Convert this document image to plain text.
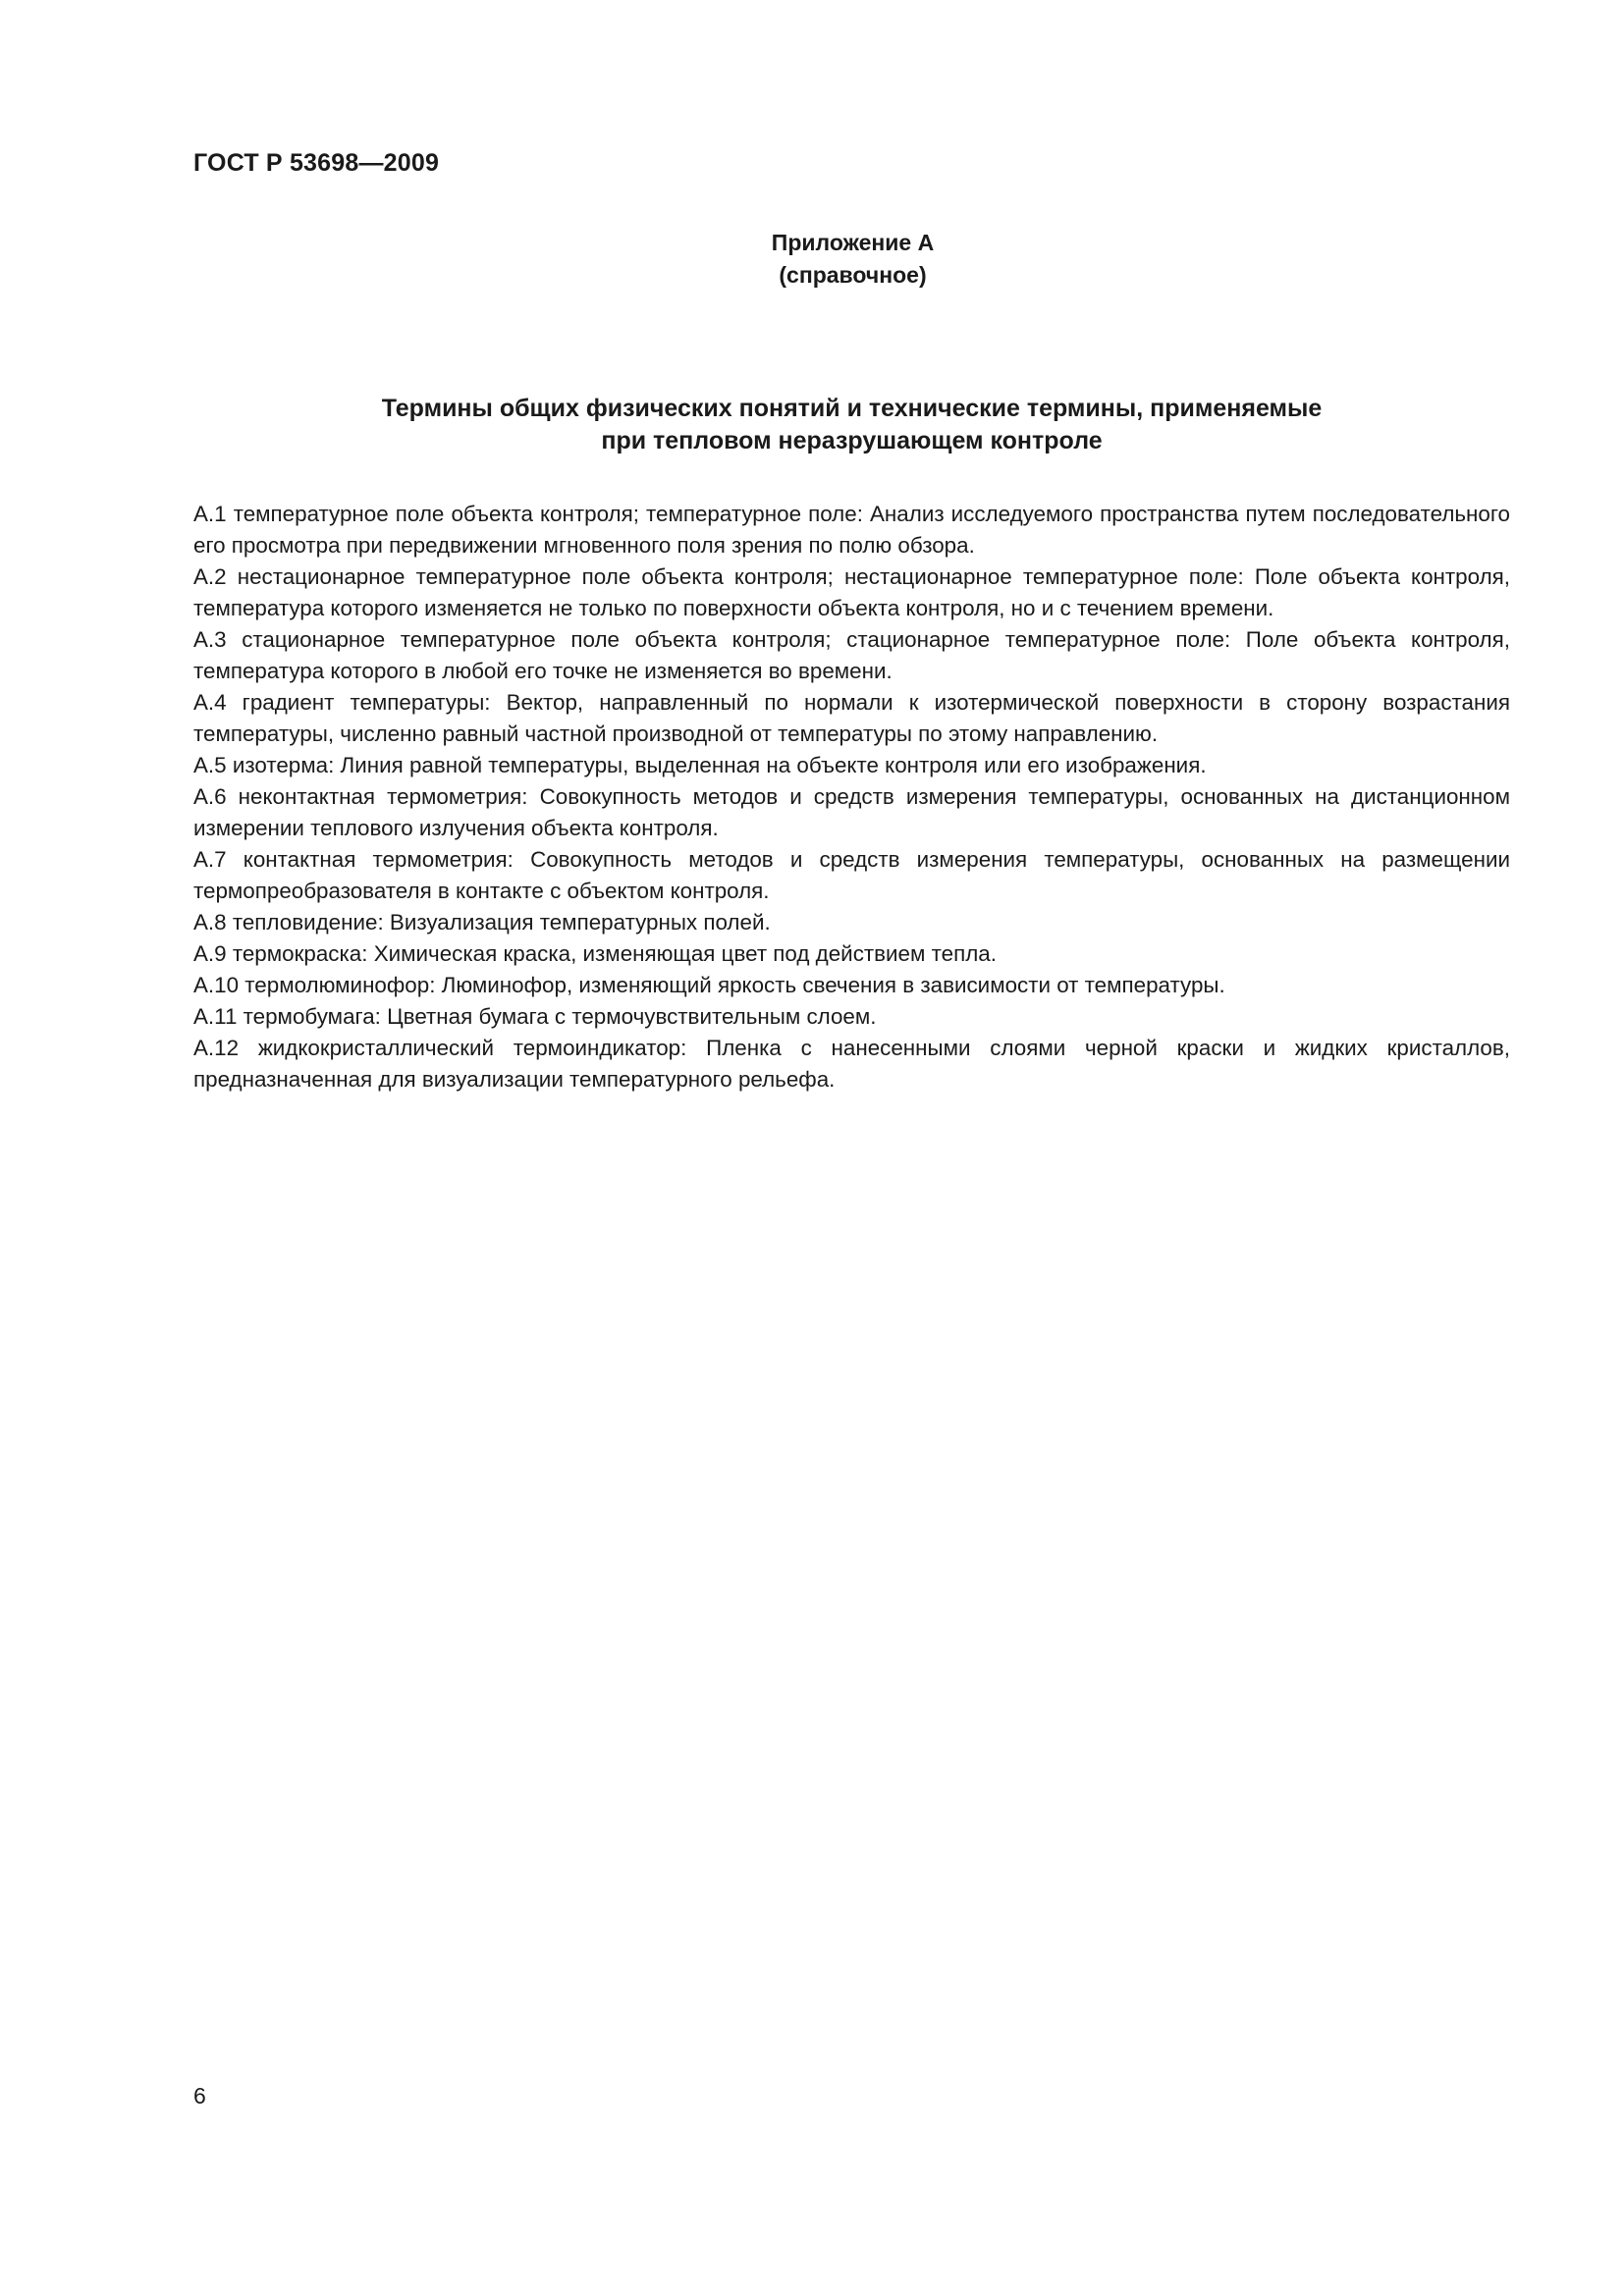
ГОСТ Р 53698—2009
Приложение А
(справочное)
Термины общих физических понятий и технические термины, применяемые
при тепловом неразрушающем контроле
А.1 температурное поле объекта контроля; температурное поле: Анализ исследуемого пространства путем последовательного его просмотра при передвижении мгновенного поля зрения по полю обзора.
А.2 нестационарное температурное поле объекта контроля; нестационарное температурное поле: Поле объекта контроля, температура которого изменяется не только по поверхности объекта контроля, но и с течением времени.
А.3 стационарное температурное поле объекта контроля; стационарное температурное поле: Поле объекта контроля, температура которого в любой его точке не изменяется во времени.
А.4 градиент температуры: Вектор, направленный по нормали к изотермической поверхности в сторону возрастания температуры, численно равный частной производной от температуры по этому направлению.
А.5 изотерма: Линия равной температуры, выделенная на объекте контроля или его изображения.
А.6 неконтактная термометрия: Совокупность методов и средств измерения температуры, основанных на дистанционном измерении теплового излучения объекта контроля.
А.7 контактная термометрия: Совокупность методов и средств измерения температуры, основанных на размещении термопреобразователя в контакте с объектом контроля.
А.8 тепловидение: Визуализация температурных полей.
А.9 термокраска: Химическая краска, изменяющая цвет под действием тепла.
А.10 термолюминофор: Люминофор, изменяющий яркость свечения в зависимости от температуры.
А.11 термобумага: Цветная бумага с термочувствительным слоем.
А.12 жидкокристаллический термоиндикатор: Пленка с нанесенными слоями черной краски и жидких кристаллов, предназначенная для визуализации температурного рельефа.
6
